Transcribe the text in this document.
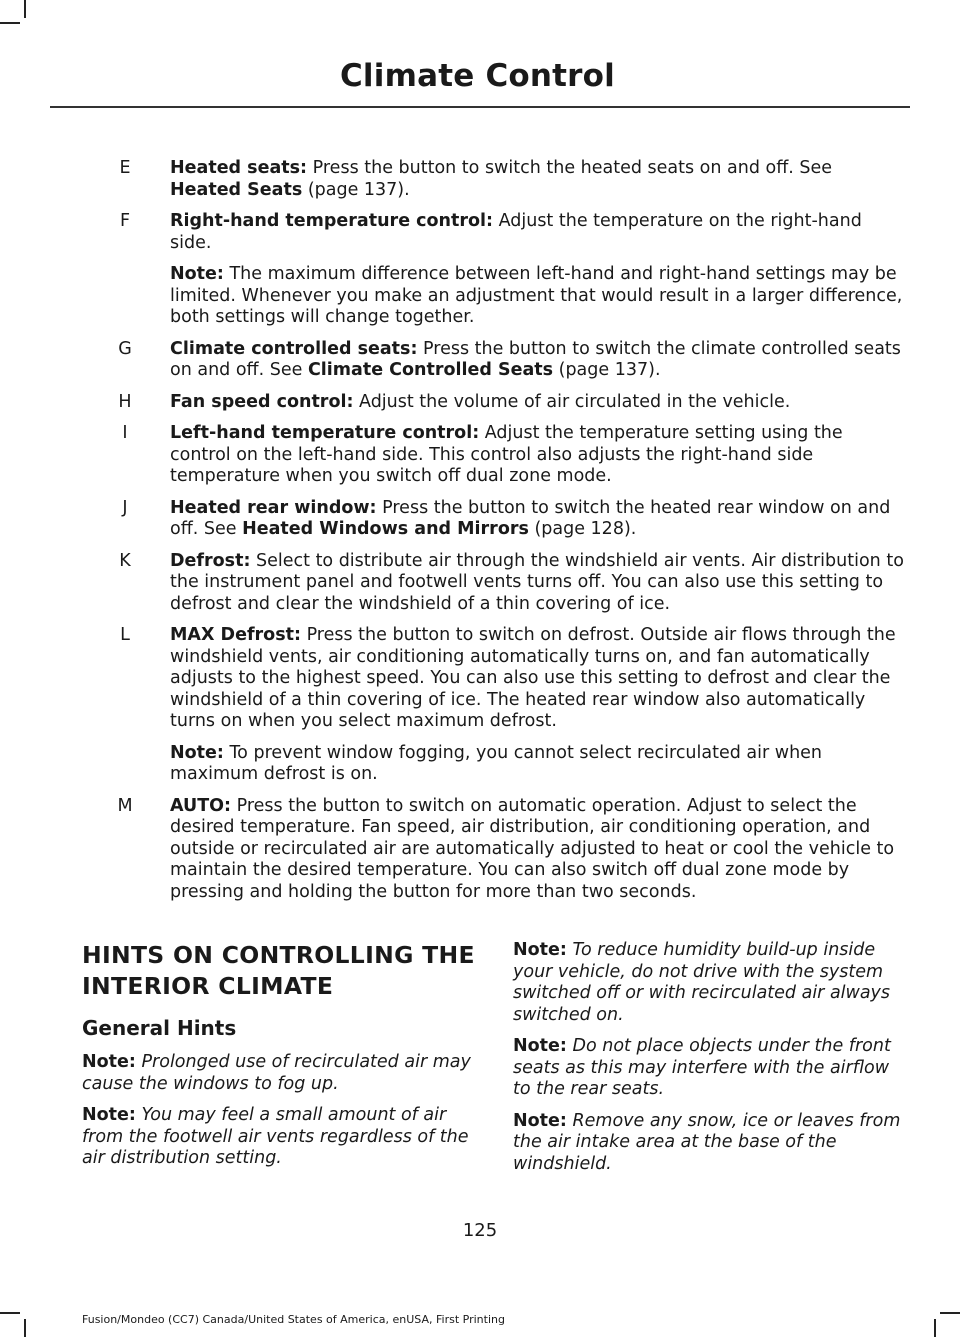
Climate Control
E Heated seats: Press the button to switch the heated seats on and off. See Heated Seats (page 137).

F Right-hand temperature control: Adjust the temperature on the right-hand side.

Note: The maximum difference between left-hand and right-hand settings may be limited. Whenever you make an adjustment that would result in a larger difference, both settings will change together.

G Climate controlled seats: Press the button to switch the climate controlled seats on and off. See Climate Controlled Seats (page 137).

H Fan speed control: Adjust the volume of air circulated in the vehicle.

I	Left-hand temperature control: Adjust the temperature setting using the control on the left-hand side. This control also adjusts the right-hand side temperature when you switch off dual zone mode.

J	Heated rear window: Press the button to switch the heated rear window on and off. See Heated Windows and Mirrors (page 128).

K Defrost: Select to distribute air through the windshield air vents. Air distribution to the instrument panel and footwell vents turns off. You can also use this setting to defrost and clear the windshield of a thin covering of ice.

L MAX Defrost: Press the button to switch on defrost. Outside air flows through the windshield vents, air conditioning automatically turns on, and fan automatically adjusts to the highest speed. You can also use this setting to defrost and clear the windshield of a thin covering of ice. The heated rear window also automatically turns on when you select maximum defrost.

Note: To prevent window fogging, you cannot select recirculated air when maximum defrost is on.

M AUTO: Press the button to switch on automatic operation. Adjust to select the desired temperature. Fan speed, air distribution, air conditioning operation, and outside or recirculated air are automatically adjusted to heat or cool the vehicle to maintain the desired temperature. You can also switch off dual zone mode by pressing and holding the button for more than two seconds.

HINTS ON CONTROLLING THE
INTERIOR CLIMATE
General Hints

Note: Prolonged use of recirculated air may cause the windows to fog up.

Note: You may feel a small amount of air from the footwell air vents regardless of the air distribution setting.

Note: To reduce humidity build-up inside your vehicle, do not drive with the system switched off or with recirculated air always switched on.

Note: Do not place objects under the front seats as this may interfere with the airflow to the rear seats.

Note: Remove any snow, ice or leaves from the air intake area at the base of the windshield.

125
Fusion/Mondeo (CC7) Canada/United States of America, enUSA, First Printing
